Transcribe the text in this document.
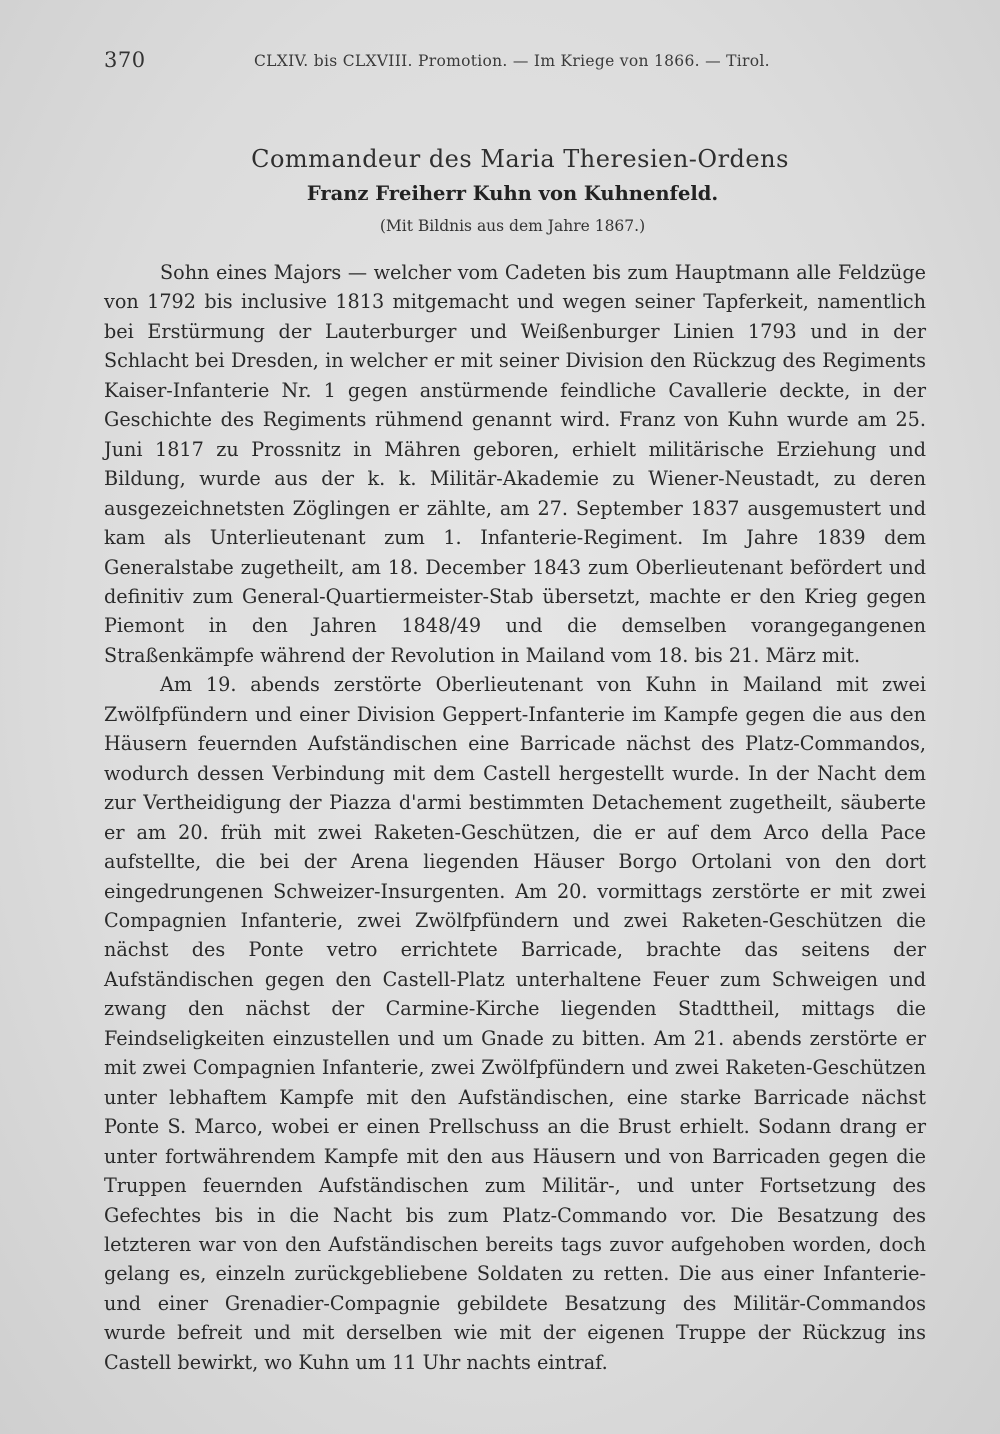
370	CLXIV. bis CLXVIII. Promotion. — Im Kriege von 1866. — Tirol.
Commandeur des Maria Theresien-Ordens
Franz Freiherr Kuhn von Kuhnenfeld.
(Mit Bildnis aus dem Jahre 1867.)

Sohn eines Majors — welcher vom Cadeten bis zum Hauptmann alle Feldzüge von 1792 bis inclusive 1813 mitgemacht und wegen seiner Tapferkeit, namentlich bei Erstürmung der Lauterburger und Weißenburger Linien 1793 und in der Schlacht bei Dresden, in welcher er mit seiner Division den Rückzug des Regiments Kaiser-Infanterie Nr. 1 gegen anstürmende feindliche Cavallerie deckte, in der Geschichte des Regiments rühmend genannt wird. Franz von Kuhn wurde am 25. Juni 1817 zu Prossnitz in Mähren geboren, erhielt militärische Erziehung und Bildung, wurde aus der k. k. Militär-Akademie zu Wiener-Neustadt, zu deren ausgezeichnetsten Zöglingen er zählte, am 27. September 1837 ausgemustert und kam als Unterlieutenant zum 1. Infanterie-Regiment. Im Jahre 1839 dem Generalstabe zugetheilt, am 18. December 1843 zum Oberlieutenant befördert und definitiv zum General-Quartiermeister-Stab übersetzt, machte er den Krieg gegen Piemont in den Jahren 1848/49 und die demselben vorangegangenen Straßenkämpfe während der Revolution in Mailand vom 18. bis 21. März mit.

Am 19. abends zerstörte Oberlieutenant von Kuhn in Mailand mit zwei Zwölfpfündern und einer Division Geppert-Infanterie im Kampfe gegen die aus den Häusern feuernden Aufständischen eine Barricade nächst des Platz-Commandos, wodurch dessen Verbindung mit dem Castell hergestellt wurde. In der Nacht dem zur Vertheidigung der Piazza d'armi bestimmten Detachement zugetheilt, säuberte er am 20. früh mit zwei Raketen-Geschützen, die er auf dem Arco della Pace aufstellte, die bei der Arena liegenden Häuser Borgo Ortolani von den dort eingedrungenen Schweizer-Insurgenten. Am 20. vormittags zerstörte er mit zwei Compagnien Infanterie, zwei Zwölfpfündern und zwei Raketen-Geschützen die nächst des Ponte vetro errichtete Barricade, brachte das seitens der Aufständischen gegen den Castell-Platz unterhaltene Feuer zum Schweigen und zwang den nächst der Carmine-Kirche liegenden Stadttheil, mittags die Feindseligkeiten einzustellen und um Gnade zu bitten. Am 21. abends zerstörte er mit zwei Compagnien Infanterie, zwei Zwölfpfündern und zwei Raketen-Geschützen unter lebhaftem Kampfe mit den Aufständischen, eine starke Barricade nächst Ponte S. Marco, wobei er einen Prellschuss an die Brust erhielt. Sodann drang er unter fortwährendem Kampfe mit den aus Häusern und von Barricaden gegen die Truppen feuernden Aufständischen zum Militär-, und unter Fortsetzung des Gefechtes bis in die Nacht bis zum Platz-Commando vor. Die Besatzung des letzteren war von den Aufständischen bereits tags zuvor aufgehoben worden, doch gelang es, einzeln zurückgebliebene Soldaten zu retten. Die aus einer Infanterie- und einer Grenadier-Compagnie gebildete Besatzung des Militär-Commandos wurde befreit und mit derselben wie mit der eigenen Truppe der Rückzug ins Castell bewirkt, wo Kuhn um 11 Uhr nachts eintraf.
